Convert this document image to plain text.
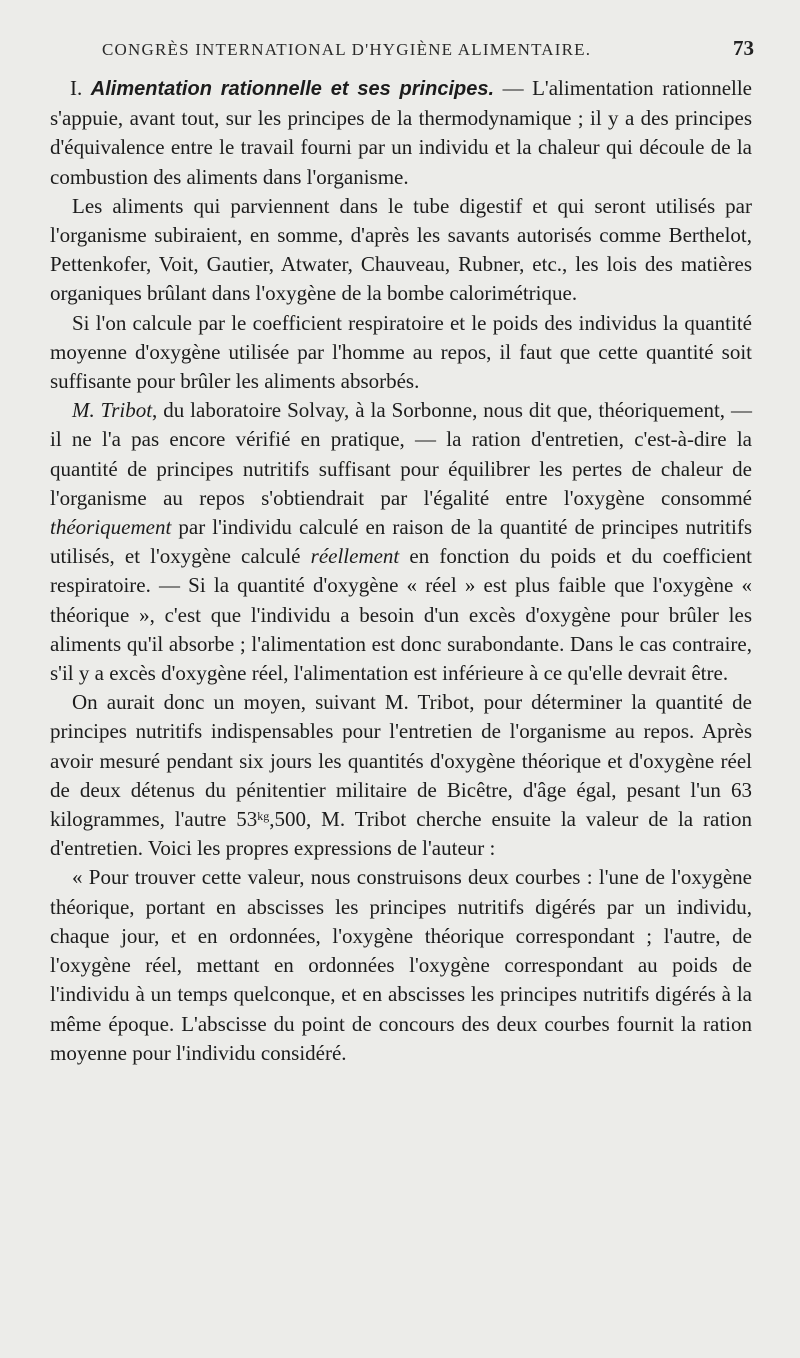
CONGRÈS INTERNATIONAL D'HYGIÈNE ALIMENTAIRE.	73

I. Alimentation rationnelle et ses principes. — L'alimentation rationnelle s'appuie, avant tout, sur les principes de la thermodynamique ; il y a des principes d'équivalence entre le travail fourni par un individu et la chaleur qui découle de la combustion des aliments dans l'organisme.

Les aliments qui parviennent dans le tube digestif et qui seront utilisés par l'organisme subiraient, en somme, d'après les savants autorisés comme Berthelot, Pettenkofer, Voit, Gautier, Atwater, Chauveau, Rubner, etc., les lois des matières organiques brûlant dans l'oxygène de la bombe calorimétrique.

Si l'on calcule par le coefficient respiratoire et le poids des individus la quantité moyenne d'oxygène utilisée par l'homme au repos, il faut que cette quantité soit suffisante pour brûler les aliments absorbés.

M. Tribot, du laboratoire Solvay, à la Sorbonne, nous dit que, théoriquement, — il ne l'a pas encore vérifié en pratique, — la ration d'entretien, c'est-à-dire la quantité de principes nutritifs suffisant pour équilibrer les pertes de chaleur de l'organisme au repos s'obtiendrait par l'égalité entre l'oxygène consommé théoriquement par l'individu calculé en raison de la quantité de principes nutritifs utilisés, et l'oxygène calculé réellement en fonction du poids et du coefficient respiratoire. — Si la quantité d'oxygène « réel » est plus faible que l'oxygène « théorique », c'est que l'individu a besoin d'un excès d'oxygène pour brûler les aliments qu'il absorbe ; l'alimentation est donc surabondante. Dans le cas contraire, s'il y a excès d'oxygène réel, l'alimentation est inférieure à ce qu'elle devrait être.

On aurait donc un moyen, suivant M. Tribot, pour déterminer la quantité de principes nutritifs indispensables pour l'entretien de l'organisme au repos. Après avoir mesuré pendant six jours les quantités d'oxygène théorique et d'oxygène réel de deux détenus du pénitentier militaire de Bicêtre, d'âge égal, pesant l'un 63 kilogrammes, l'autre $53^{kg},500$, M. Tribot cherche ensuite la valeur de la ration d'entretien. Voici les propres expressions de l'auteur :

« Pour trouver cette valeur, nous construisons deux courbes : l'une de l'oxygène théorique, portant en abscisses les principes nutritifs digérés par un individu, chaque jour, et en ordonnées, l'oxygène théorique correspondant ; l'autre, de l'oxygène réel, mettant en ordonnées l'oxygène correspondant au poids de l'individu à un temps quelconque, et en abscisses les principes nutritifs digérés à la même époque. L'abscisse du point de concours des deux courbes fournit la ration moyenne pour l'individu considéré.
